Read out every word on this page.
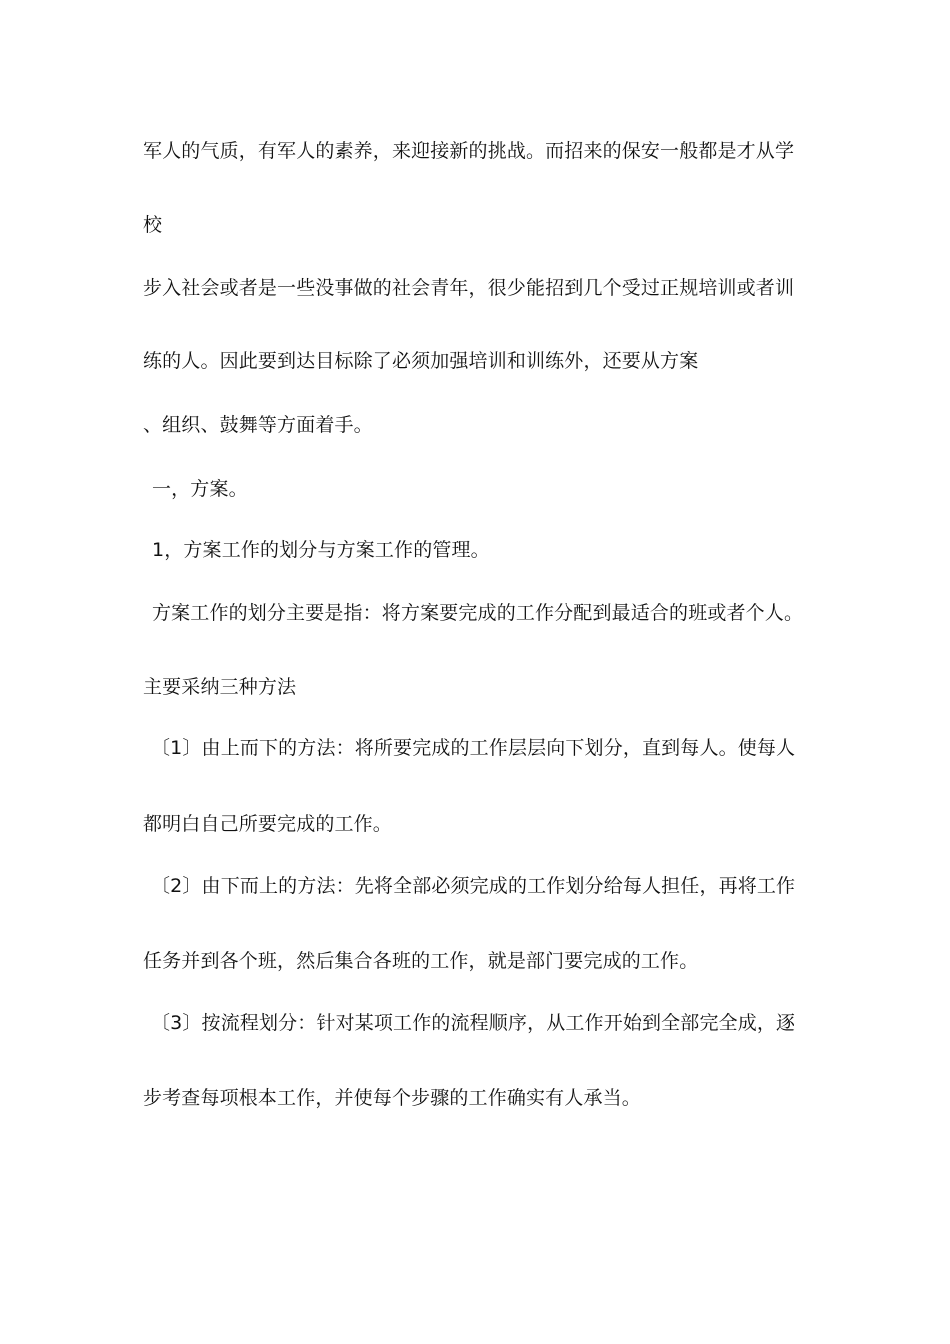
军人的气质，有军人的素养，来迎接新的挑战。而招来的保安一般都是才从学
校
步入社会或者是一些没事做的社会青年，很少能招到几个受过正规培训或者训
练的人。因此要到达目标除了必须加强培训和训练外，还要从方案
、组织、鼓舞等方面着手。
一，方案。
1，方案工作的划分与方案工作的管理。
方案工作的划分主要是指：将方案要完成的工作分配到最适合的班或者个人。
主要采纳三种方法
〔1〕由上而下的方法：将所要完成的工作层层向下划分，直到每人。使每人
都明白自己所要完成的工作。
〔2〕由下而上的方法：先将全部必须完成的工作划分给每人担任，再将工作
任务并到各个班，然后集合各班的工作，就是部门要完成的工作。
〔3〕按流程划分：针对某项工作的流程顺序，从工作开始到全部完全成，逐
步考查每项根本工作，并使每个步骤的工作确实有人承当。
